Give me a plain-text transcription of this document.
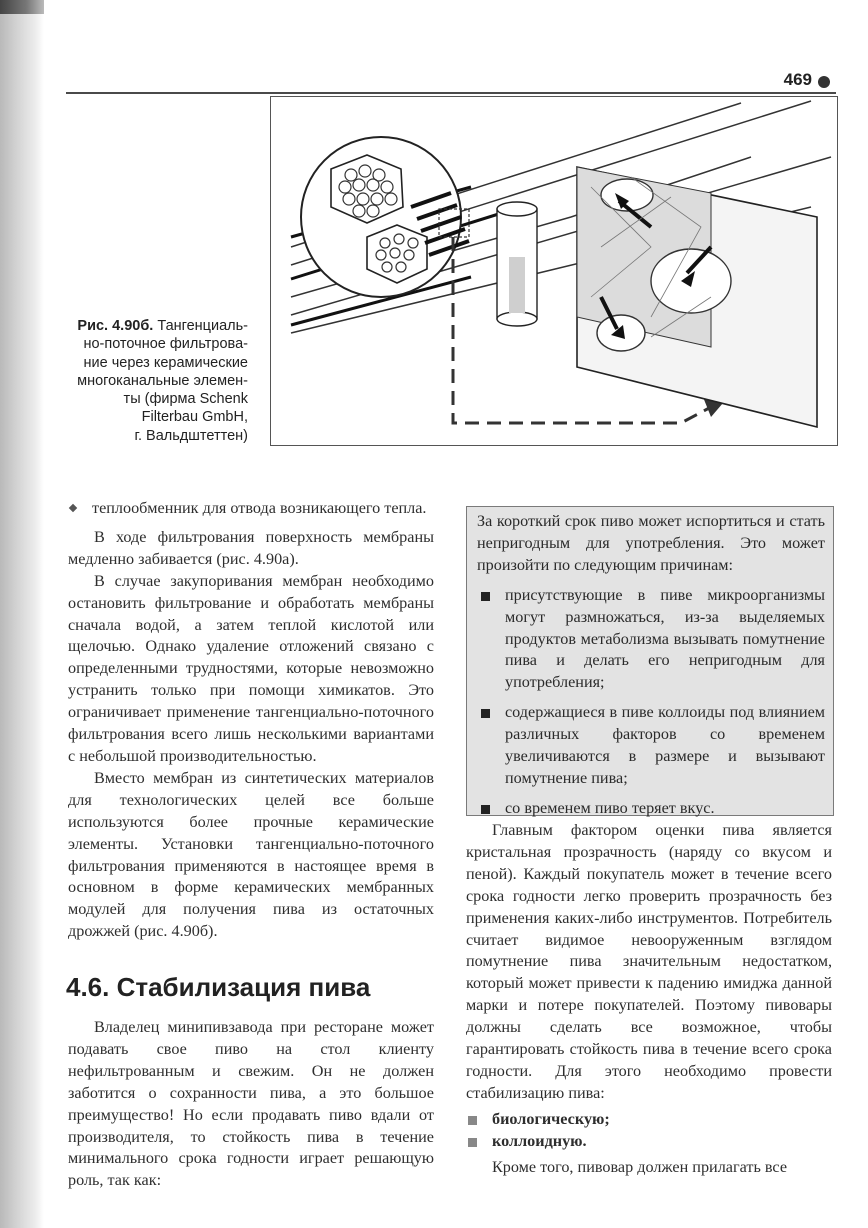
469
Рис. 4.90б. Тангенциаль-
но-поточное фильтрова-
ние через керамические
многоканальные элемен-
ты (фирма Schenk
Filterbau GmbH,
г. Вальдштеттен)

теплообменник для отвода возникающего тепла.

В ходе фильтрования поверхность мембраны медленно забивается (рис. 4.90а).

В случае закупоривания мембран необходимо остановить фильтрование и обработать мембраны сначала водой, а затем теплой кислотой или щелочью. Однако удаление отложений связано с определенными трудностями, которые невозможно устранить только при помощи химикатов. Это ограничивает применение тангенциально-поточного фильтрования всего лишь несколькими вариантами с небольшой производительностью.

Вместо мембран из синтетических материалов для технологических целей все больше используются более прочные керамические элементы. Установки тангенциально-поточного фильтрования применяются в настоящее время в основном в форме керамических мембранных модулей для получения пива из остаточных дрожжей (рис. 4.90б).

4.6. Стабилизация пива

Владелец минипивзавода при ресторане может подавать свое пиво на стол клиенту нефильтрованным и свежим. Он не должен заботится о сохранности пива, а это большое преимущество! Но если продавать пиво вдали от производителя, то стойкость пива в течение минимального срока годности играет решающую роль, так как:

За короткий срок пиво может испортиться и стать непригодным для употребления. Это может произойти по следующим причинам:

присутствующие в пиве микроорганизмы могут размножаться, из-за выделяемых продуктов метаболизма вызывать помутнение пива и делать его непригодным для употребления;

содержащиеся в пиве коллоиды под влиянием различных факторов со временем увеличиваются в размере и вызывают помутнение пива;

со временем пиво теряет вкус.

Главным фактором оценки пива является кристальная прозрачность (наряду со вкусом и пеной). Каждый покупатель может в течение всего срока годности легко проверить прозрачность без применения каких-либо инструментов. Потребитель считает видимое невооруженным взглядом помутнение пива значительным недостатком, который может привести к падению имиджа данной марки и потере покупателей. Поэтому пивовары должны сделать все возможное, чтобы гарантировать стойкость пива в течение всего срока годности. Для этого необходимо провести стабилизацию пива:

биологическую;

коллоидную.

Кроме того, пивовар должен прилагать все
